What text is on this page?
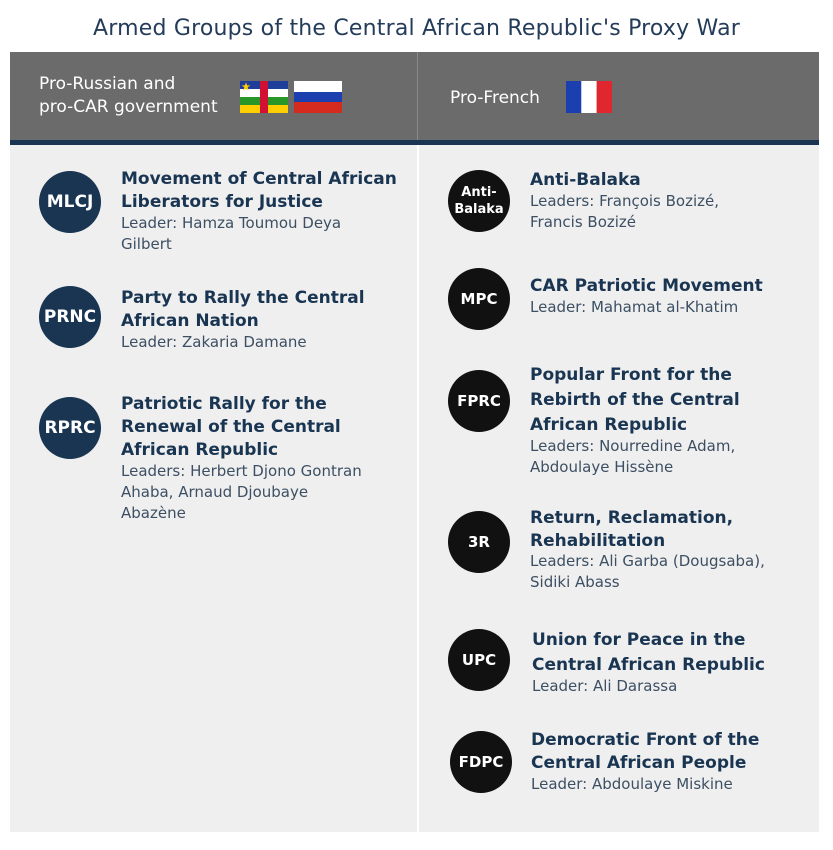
Armed Groups of the Central African Republic's Proxy War
Pro-Russian and
pro-CAR government	Pro-French
MLCJ
Movement of Central African
Liberators for Justice
Leader: Hamza Toumou Deya
Gilbert
PRNC
Party to Rally the Central
African Nation
Leader: Zakaria Damane
RPRC
Patriotic Rally for the
Renewal of the Central
African Republic
Leaders: Herbert Djono Gontran
Ahaba, Arnaud Djoubaye
Abazène
Anti-
Balaka
Anti-Balaka
Leaders: François Bozizé,
Francis Bozizé
MPC
CAR Patriotic Movement
Leader: Mahamat al-Khatim
FPRC
Popular Front for the
Rebirth of the Central
African Republic
Leaders: Nourredine Adam,
Abdoulaye Hissène
3R
Return, Reclamation,
Rehabilitation
Leaders: Ali Garba (Dougsaba),
Sidiki Abass
UPC
Union for Peace in the
Central African Republic
Leader: Ali Darassa
FDPC
Democratic Front of the
Central African People
Leader: Abdoulaye Miskine
